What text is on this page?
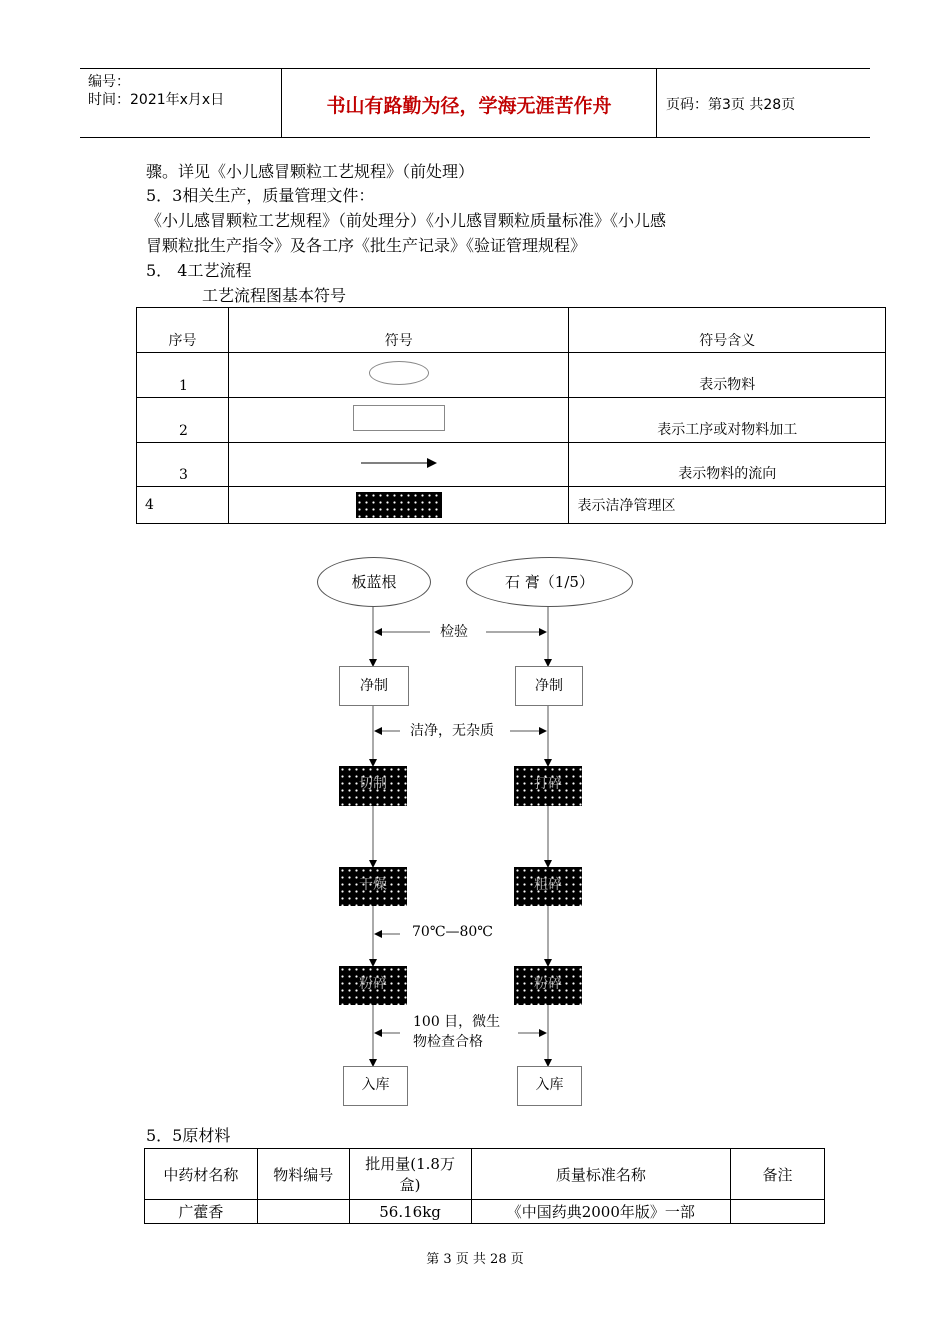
编号：
时间：2021年x月x日	书山有路勤为径，学海无涯苦作舟	页码：第3页 共28页
骤。详见《小儿感冒颗粒工艺规程》（前处理）
5．3相关生产，质量管理文件：
《小儿感冒颗粒工艺规程》（前处理分）《小儿感冒颗粒质量标准》《小儿感
冒颗粒批生产指令》及各工序《批生产记录》《验证管理规程》
5． 4工艺流程
工艺流程图基本符号
序号	符号	符号含义
1		表示物料
2		表示工序或对物料加工
3		表示物料的流向
4		表示洁净管理区
板蓝根	石 膏（1/5）
检验
净制	净制
洁净，无杂质
切制	打碎
干燥	粗碎
70℃—80℃
粉碎	粉碎
100 目，微生
物检查合格
入库	入库
5．5原材料
中药材名称	物料编号	批用量(1.8万盒)	质量标准名称	备注
广藿香		56.16kg	《中国药典2000年版》一部	
第 3 页 共 28 页
